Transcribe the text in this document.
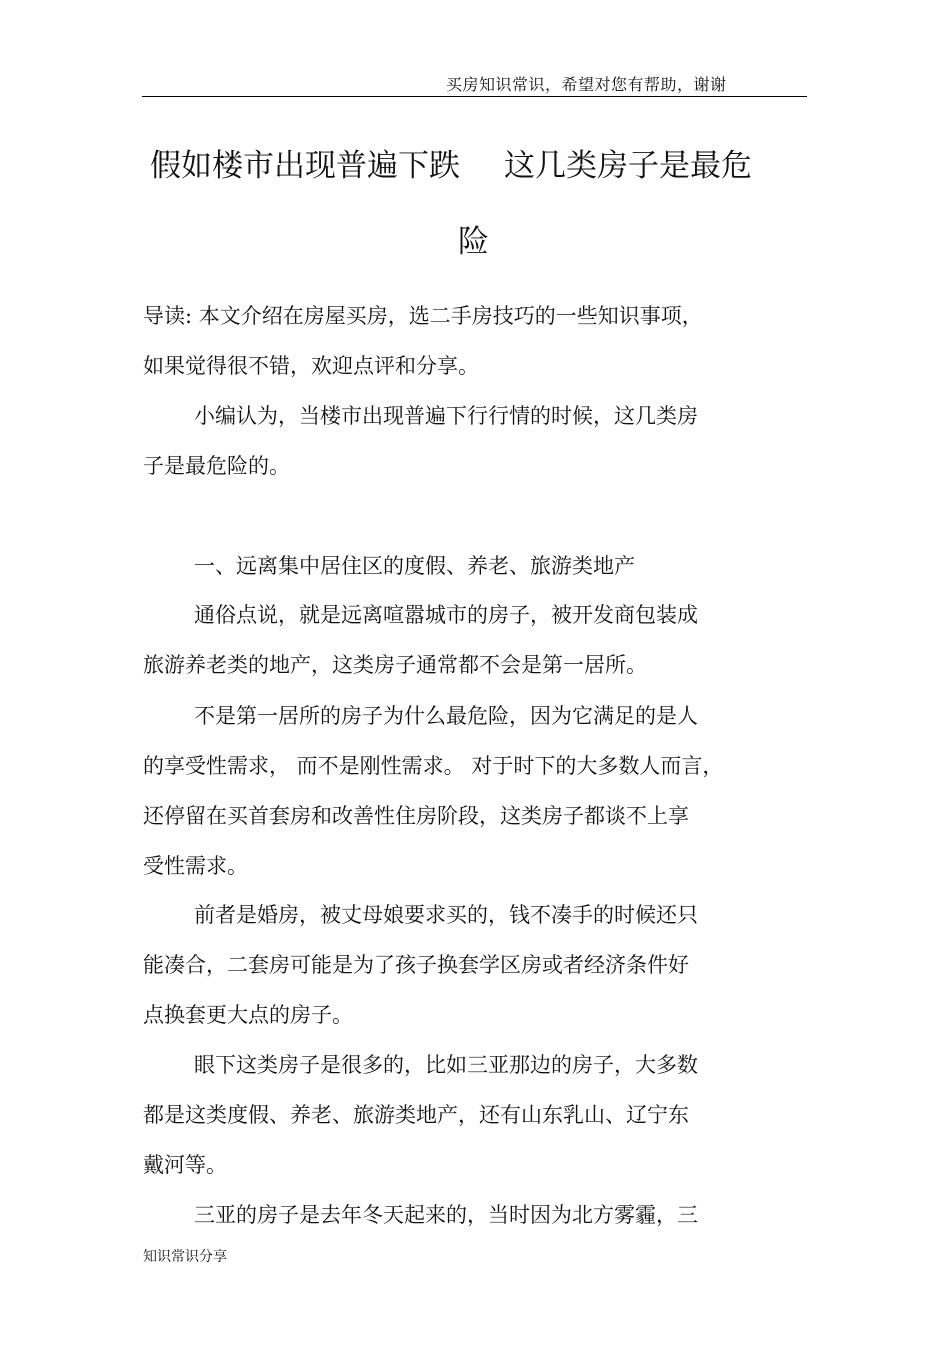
买房知识常识，希望对您有帮助，谢谢
假如楼市出现普遍下跌 这几类房子是最危
险
导读: 本文介绍在房屋买房，选二手房技巧的一些知识事项，
如果觉得很不错，欢迎点评和分享。
小编认为，当楼市出现普遍下行行情的时候，这几类房
子是最危险的。
一、远离集中居住区的度假、养老、旅游类地产
通俗点说，就是远离喧嚣城市的房子，被开发商包装成
旅游养老类的地产，这类房子通常都不会是第一居所。
不是第一居所的房子为什么最危险，因为它满足的是人
的享受性需求， 而不是刚性需求。 对于时下的大多数人而言，
还停留在买首套房和改善性住房阶段，这类房子都谈不上享
受性需求。
前者是婚房，被丈母娘要求买的，钱不凑手的时候还只
能凑合，二套房可能是为了孩子换套学区房或者经济条件好
点换套更大点的房子。
眼下这类房子是很多的，比如三亚那边的房子，大多数
都是这类度假、养老、旅游类地产，还有山东乳山、辽宁东
戴河等。
三亚的房子是去年冬天起来的，当时因为北方雾霾，三
知识常识分享
